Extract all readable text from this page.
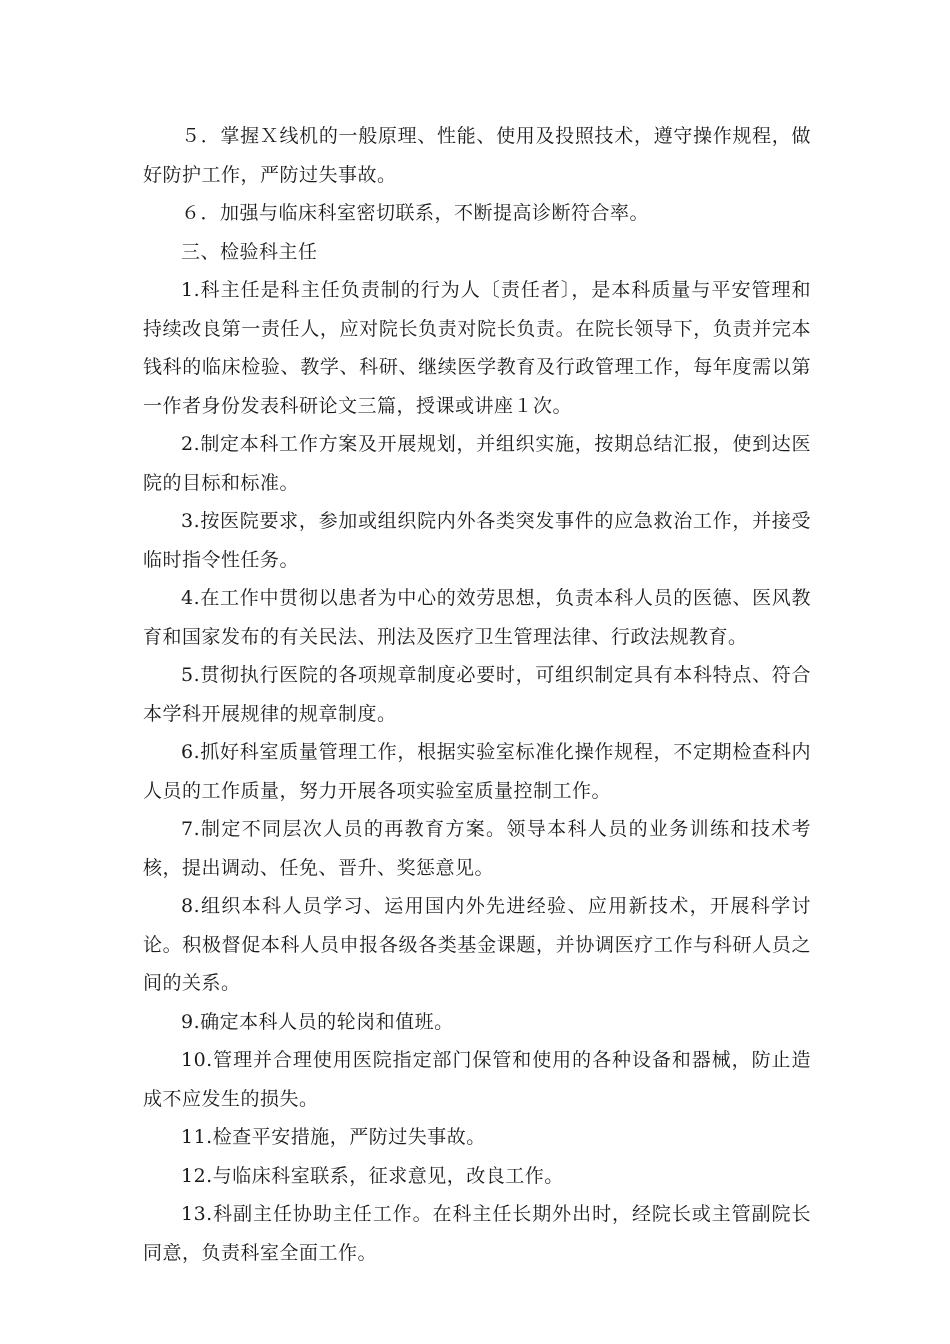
５．掌握Ｘ线机的一般原理、性能、使用及投照技术，遵守操作规程，做好防护工作，严防过失事故。

６．加强与临床科室密切联系，不断提高诊断符合率。

三、检验科主任

1.科主任是科主任负责制的行为人〔责任者〕，是本科质量与平安管理和持续改良第一责任人，应对院长负责对院长负责。在院长领导下，负责并完本钱科的临床检验、教学、科研、继续医学教育及行政管理工作，每年度需以第一作者身份发表科研论文三篇，授课或讲座１次。

2.制定本科工作方案及开展规划，并组织实施，按期总结汇报，使到达医院的目标和标准。

3.按医院要求，参加或组织院内外各类突发事件的应急救治工作，并接受临时指令性任务。

4.在工作中贯彻以患者为中心的效劳思想，负责本科人员的医德、医风教育和国家发布的有关民法、刑法及医疗卫生管理法律、行政法规教育。

5.贯彻执行医院的各项规章制度必要时，可组织制定具有本科特点、符合本学科开展规律的规章制度。

6.抓好科室质量管理工作，根据实验室标准化操作规程，不定期检查科内人员的工作质量，努力开展各项实验室质量控制工作。

7.制定不同层次人员的再教育方案。领导本科人员的业务训练和技术考核，提出调动、任免、晋升、奖惩意见。

8.组织本科人员学习、运用国内外先进经验、应用新技术，开展科学讨论。积极督促本科人员申报各级各类基金课题，并协调医疗工作与科研人员之间的关系。

9.确定本科人员的轮岗和值班。

10.管理并合理使用医院指定部门保管和使用的各种设备和器械，防止造成不应发生的损失。

11.检查平安措施，严防过失事故。

12.与临床科室联系，征求意见，改良工作。

13.科副主任协助主任工作。在科主任长期外出时，经院长或主管副院长同意，负责科室全面工作。
